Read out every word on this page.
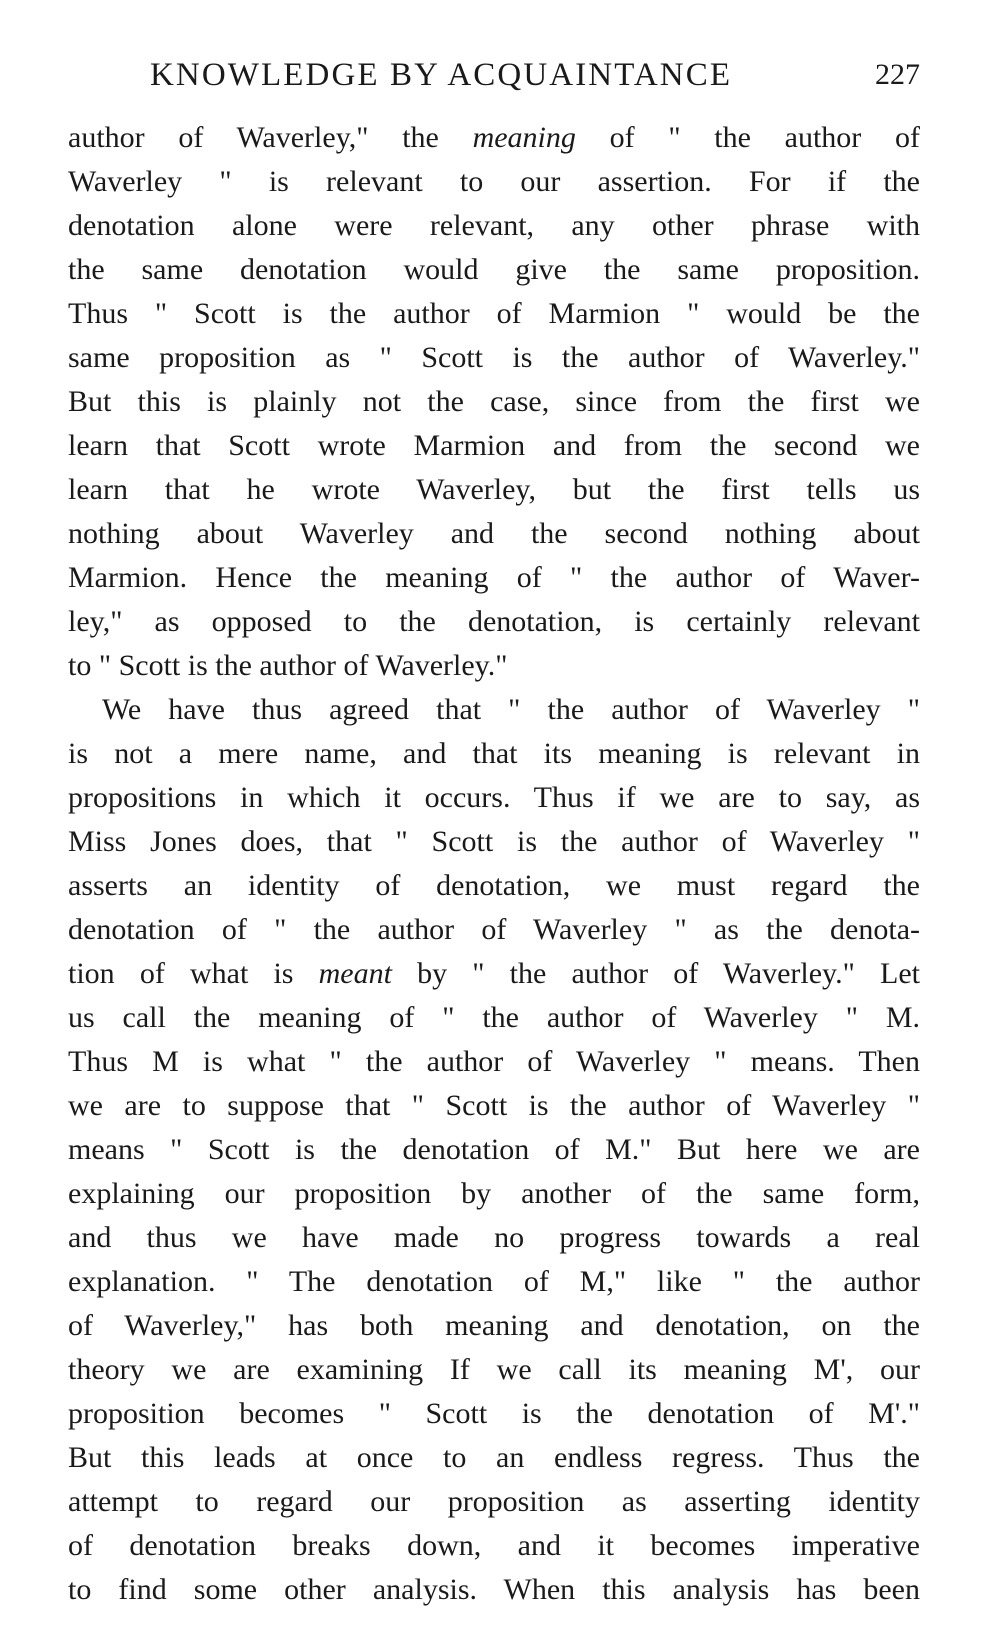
KNOWLEDGE BY ACQUAINTANCE	227
author of Waverley," the meaning of " the author of
Waverley " is relevant to our assertion. For if the
denotation alone were relevant, any other phrase with
the same denotation would give the same proposition.
Thus " Scott is the author of Marmion " would be the
same proposition as " Scott is the author of Waverley."
But this is plainly not the case, since from the first we
learn that Scott wrote Marmion and from the second we
learn that he wrote Waverley, but the first tells us
nothing about Waverley and the second nothing about
Marmion. Hence the meaning of " the author of Waver-
ley," as opposed to the denotation, is certainly relevant
to " Scott is the author of Waverley."
We have thus agreed that " the author of Waverley "
is not a mere name, and that its meaning is relevant in
propositions in which it occurs. Thus if we are to say, as
Miss Jones does, that " Scott is the author of Waverley "
asserts an identity of denotation, we must regard the
denotation of " the author of Waverley " as the denota-
tion of what is meant by " the author of Waverley." Let
us call the meaning of " the author of Waverley " M.
Thus M is what " the author of Waverley " means. Then
we are to suppose that " Scott is the author of Waverley "
means " Scott is the denotation of M." But here we are
explaining our proposition by another of the same form,
and thus we have made no progress towards a real
explanation. " The denotation of M," like " the author
of Waverley," has both meaning and denotation, on the
theory we are examining If we call its meaning M', our
proposition becomes " Scott is the denotation of M'."
But this leads at once to an endless regress. Thus the
attempt to regard our proposition as asserting identity
of denotation breaks down, and it becomes imperative
to find some other analysis. When this analysis has been
